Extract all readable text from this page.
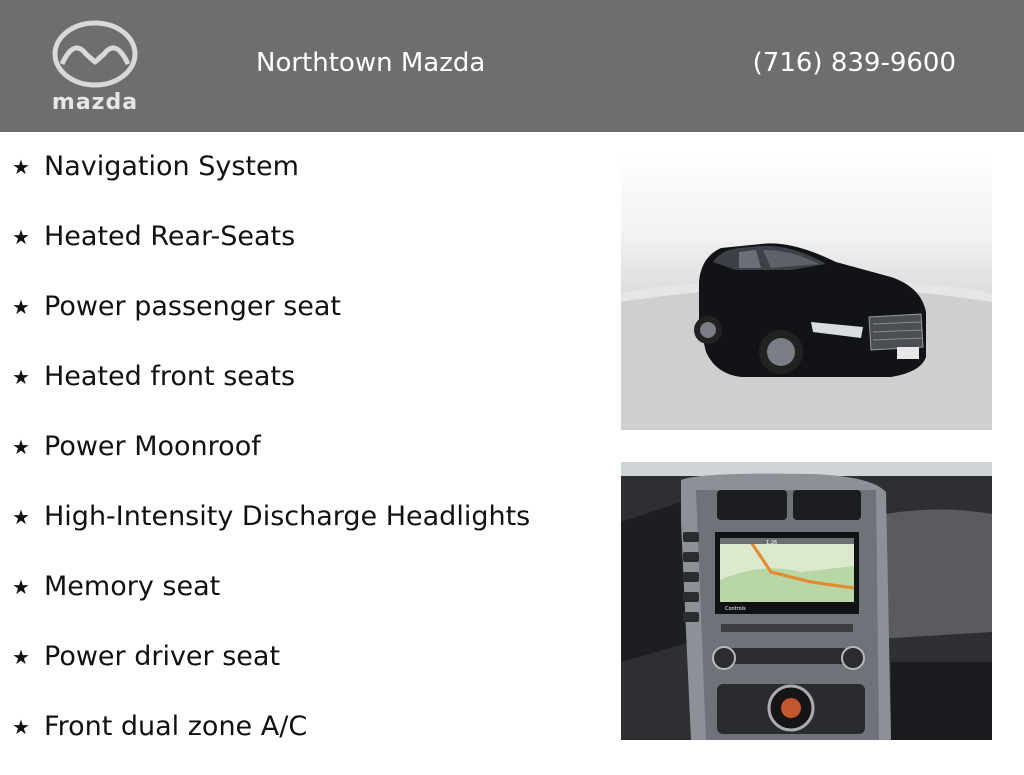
mazda
Northtown Mazda	(716) 839-9600
★ Navigation System
★ Heated Rear-Seats
★ Power passenger seat
★ Heated front seats
★ Power Moonroof
★ High-Intensity Discharge Headlights
★ Memory seat
★ Power driver seat
★ Front dual zone A/C
1:26
Controls
